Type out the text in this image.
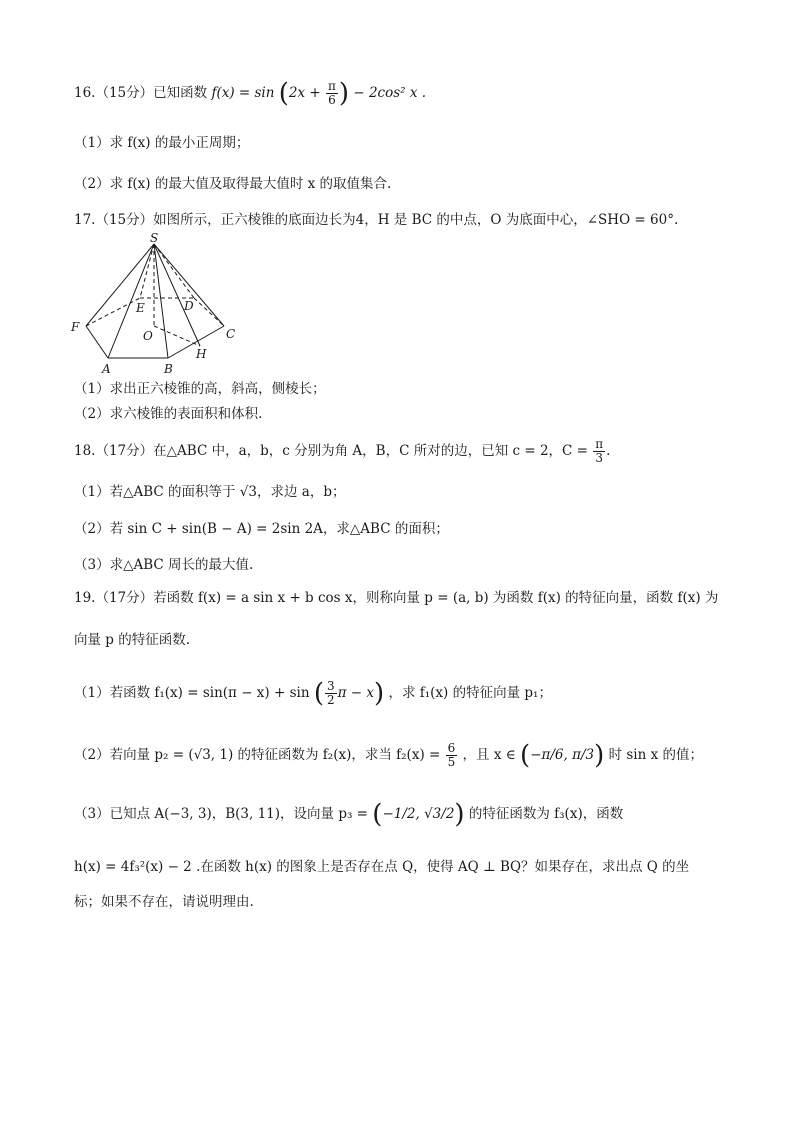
16.（15分）已知函数 $f(x) = \sin (2x + \frac{\pi}{6}$ ) − 2cos² x .
（1）求 f(x) 的最小正周期；
（2）求 f(x) 的最大值及取得最大值时 x 的取值集合.
17.（15分）如图所示，正六棱锥的底面边长为4，H 是 BC 的中点，O 为底面中心，∠SHO = 60°.
S
E	D
F
O	C
H
A	B
（1）求出正六棱锥的高，斜高，侧棱长；
（2）求六棱锥的表面积和体积.
18.（17分）在△ABC 中，a，b，c 分别为角 A，B，C 所对的边，已知 c = 2，$C = \frac{\pi}{3}$ .
（1）若△ABC 的面积等于 √3，求边 a，b；
（2）若 sin C + sin(B − A) = 2sin 2A，求△ABC 的面积；
（3）求△ABC 周长的最大值.
19.（17分）若函数 f(x) = a sin x + b cos x，则称向量 p = (a, b) 为函数 f(x) 的特征向量，函数 f(x) 为
向量 p 的特征函数.
（1）若函数 f₁(x) = sin(π − x) + sin ( $\frac{3}{2}$ π − x) ，求 f₁(x) 的特征向量 p₁；
（2）若向量 p₂ = (√3, 1) 的特征函数为 f₂(x)，求当 $f_2(x) = \frac{6}{5}$ ，且 x ∈ (−π/6, π/3) 时 sin x 的值；
（3）已知点 A(−3, 3)，B(3, 11)，设向量 p₃ = (−1/2, √3/2) 的特征函数为 f₃(x)，函数
h(x) = 4f₃²(x) − 2 .在函数 h(x) 的图象上是否存在点 Q，使得 AQ ⊥ BQ？如果存在，求出点 Q 的坐
标；如果不存在，请说明理由.
